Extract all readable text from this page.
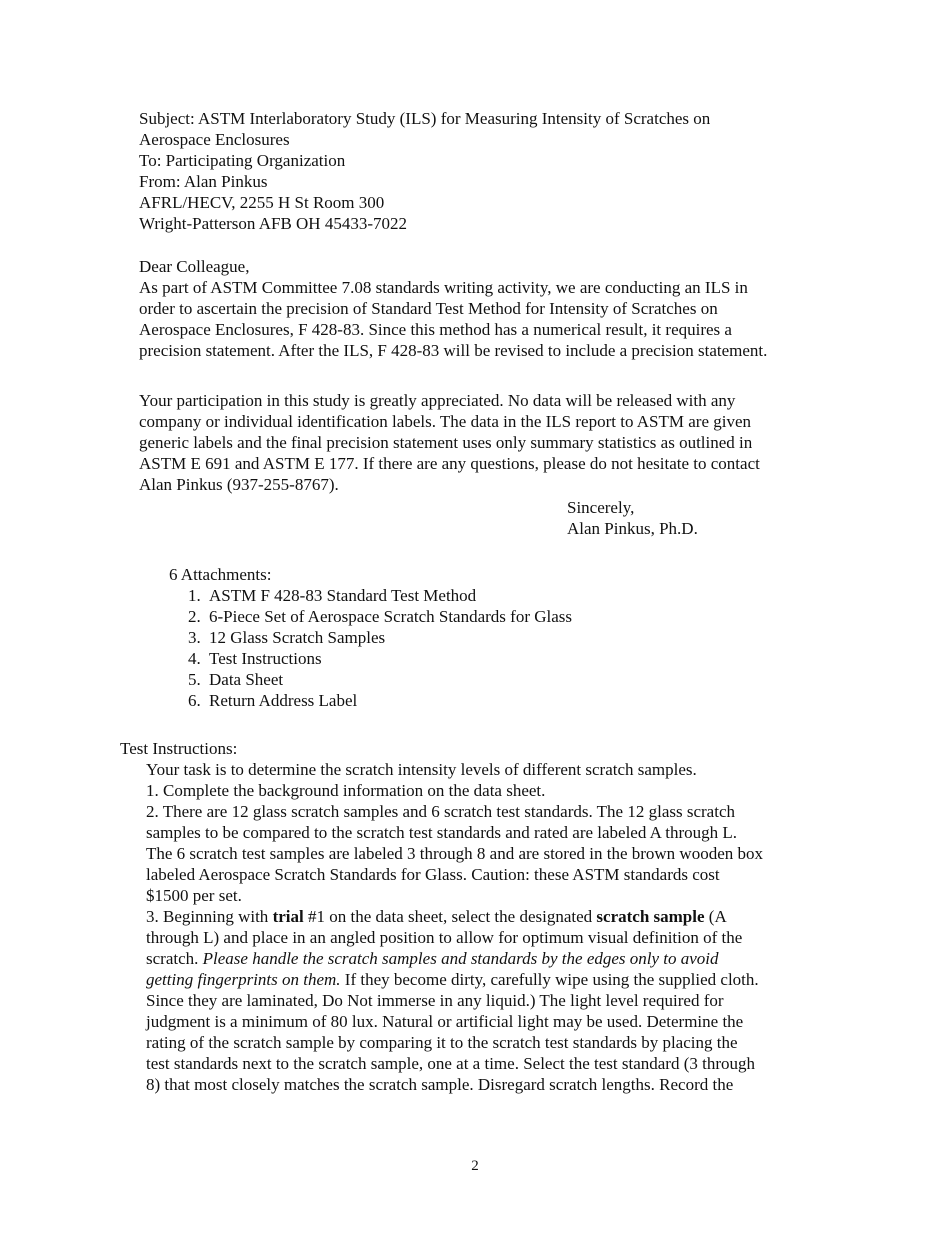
Subject: ASTM Interlaboratory Study (ILS) for Measuring Intensity of Scratches on
Aerospace Enclosures
To: Participating Organization
From: Alan Pinkus
AFRL/HECV, 2255 H St Room 300
Wright-Patterson AFB OH 45433-7022
Dear Colleague,
As part of ASTM Committee 7.08 standards writing activity, we are conducting an ILS in
order to ascertain the precision of Standard Test Method for Intensity of Scratches on
Aerospace Enclosures, F 428-83. Since this method has a numerical result, it requires a
precision statement. After the ILS, F 428-83 will be revised to include a precision statement.
Your participation in this study is greatly appreciated. No data will be released with any
company or individual identification labels. The data in the ILS report to ASTM are given
generic labels and the final precision statement uses only summary statistics as outlined in
ASTM E 691 and ASTM E 177. If there are any questions, please do not hesitate to contact
Alan Pinkus (937-255-8767).
Sincerely,
Alan Pinkus, Ph.D.
6 Attachments:
1. ASTM F 428-83 Standard Test Method
2. 6-Piece Set of Aerospace Scratch Standards for Glass
3. 12 Glass Scratch Samples
4. Test Instructions
5. Data Sheet
6. Return Address Label
Test Instructions:
Your task is to determine the scratch intensity levels of different scratch samples.
1. Complete the background information on the data sheet.
2. There are 12 glass scratch samples and 6 scratch test standards. The 12 glass scratch
samples to be compared to the scratch test standards and rated are labeled A through L.
The 6 scratch test samples are labeled 3 through 8 and are stored in the brown wooden box
labeled Aerospace Scratch Standards for Glass. Caution: these ASTM standards cost
$1500 per set.
3. Beginning with trial #1 on the data sheet, select the designated scratch sample (A
through L) and place in an angled position to allow for optimum visual definition of the
scratch. Please handle the scratch samples and standards by the edges only to avoid
getting fingerprints on them. If they become dirty, carefully wipe using the supplied cloth.
Since they are laminated, Do Not immerse in any liquid.) The light level required for
judgment is a minimum of 80 lux. Natural or artificial light may be used. Determine the
rating of the scratch sample by comparing it to the scratch test standards by placing the
test standards next to the scratch sample, one at a time. Select the test standard (3 through
8) that most closely matches the scratch sample. Disregard scratch lengths. Record the
2
